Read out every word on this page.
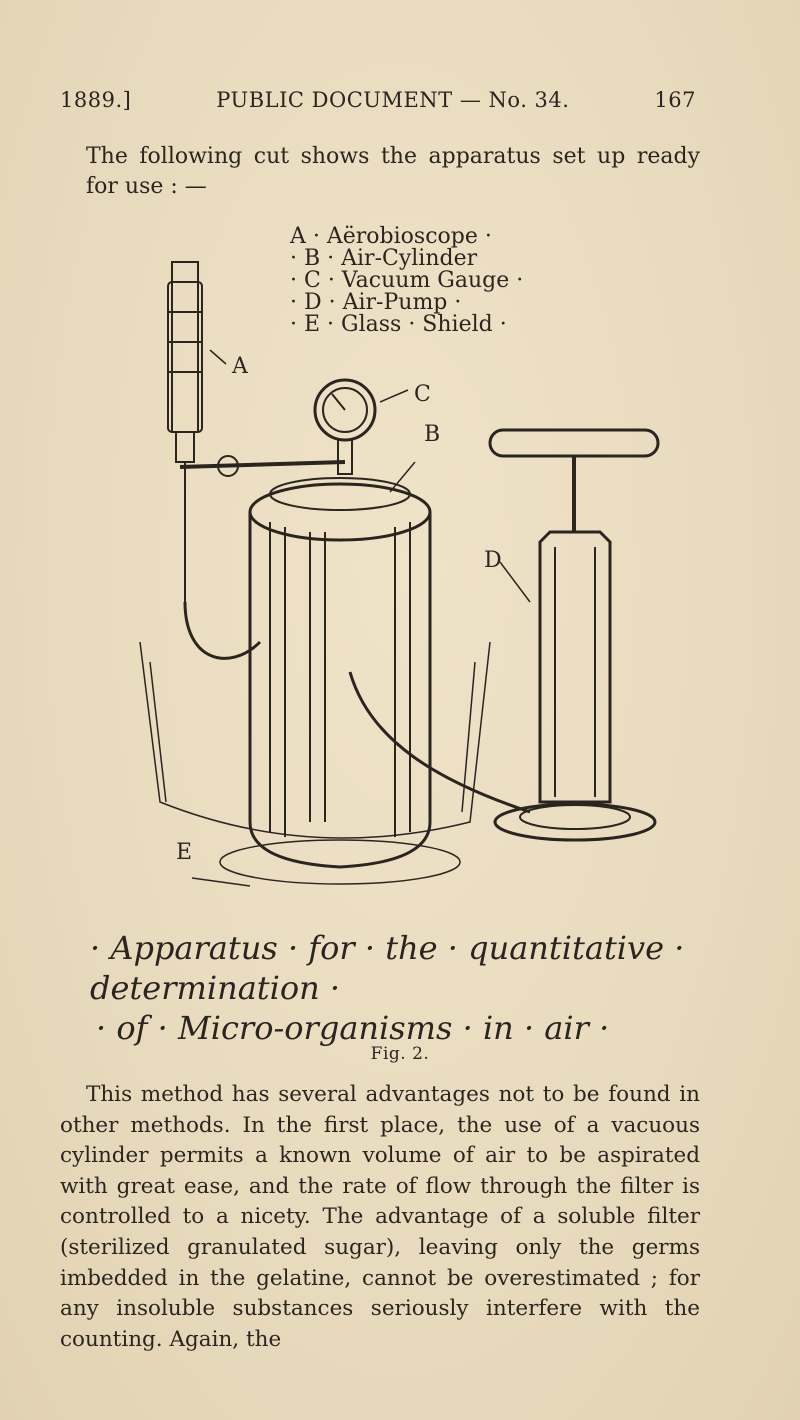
1889.]	PUBLIC DOCUMENT — No. 34.	167
The following cut shows the apparatus set up ready for use : —
A · Aërobioscope ·
· B · Air-Cylinder
· C · Vacuum Gauge ·
· D · Air-Pump ·
· E · Glass · Shield ·
A
B
C
D
E
· Apparatus · for · the · quantitative · determination ·
· of · Micro-organisms · in · air ·
Fig. 2.

This method has several advantages not to be found in other methods. In the first place, the use of a vacuous cylinder permits a known volume of air to be aspirated with great ease, and the rate of flow through the filter is controlled to a nicety. The advantage of a soluble filter (sterilized granulated sugar), leaving only the germs imbedded in the gelatine, cannot be overestimated ; for any insoluble substances seriously interfere with the counting. Again, the
